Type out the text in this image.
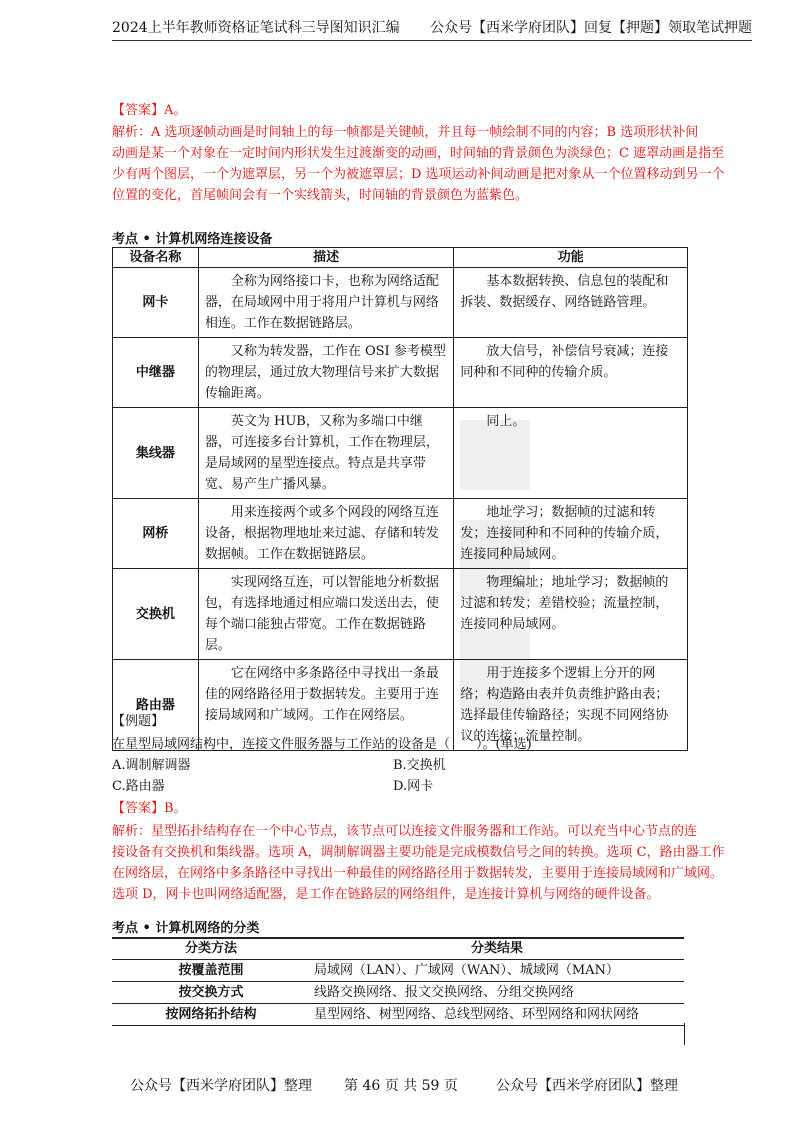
2024上半年教师资格证笔试科三导图知识汇编 公众号【西米学府团队】回复【押题】领取笔试押题
【答案】A。
解析：A 选项逐帧动画是时间轴上的每一帧都是关键帧，并且每一帧绘制不同的内容；B 选项形状补间
动画是某一个对象在一定时间内形状发生过渡渐变的动画，时间轴的背景颜色为淡绿色；C 遮罩动画是指至
少有两个图层，一个为遮罩层，另一个为被遮罩层；D 选项运动补间动画是把对象从一个位置移动到另一个
位置的变化，首尾帧间会有一个实线箭头，时间轴的背景颜色为蓝紫色。
考点 • 计算机网络连接设备
设备名称	描述	功能
网卡	全称为网络接口卡，也称为网络适配器，在局域网中用于将用户计算机与网络相连。工作在数据链路层。	基本数据转换、信息包的装配和拆装、数据缓存、网络链路管理。
中继器	又称为转发器，工作在 OSI 参考模型的物理层，通过放大物理信号来扩大数据传输距离。	放大信号，补偿信号衰减；连接同种和不同种的传输介质。
集线器	英文为 HUB，又称为多端口中继器，可连接多台计算机，工作在物理层，是局域网的星型连接点。特点是共享带宽、易产生广播风暴。	同上。
网桥	用来连接两个或多个网段的网络互连设备，根据物理地址来过滤、存储和转发数据帧。工作在数据链路层。	地址学习；数据帧的过滤和转发；连接同种和不同种的传输介质，连接同种局域网。
交换机	实现网络互连，可以智能地分析数据包，有选择地通过相应端口发送出去，使每个端口能独占带宽。工作在数据链路层。	物理编址；地址学习；数据帧的过滤和转发；差错校验；流量控制，连接同种局域网。
路由器	它在网络中多条路径中寻找出一条最佳的网络路径用于数据转发。主要用于连接局域网和广域网。工作在网络层。	用于连接多个逻辑上分开的网络；构造路由表并负责维护路由表；选择最佳传输路径；实现不同网络协议的连接；流量控制。
【例题】
在星型局域网结构中，连接文件服务器与工作站的设备是（　　）。(单选)
A.调制解调器	B.交换机
C.路由器	D.网卡
【答案】B。
解析：星型拓扑结构存在一个中心节点，该节点可以连接文件服务器和工作站。可以充当中心节点的连
接设备有交换机和集线器。选项 A，调制解调器主要功能是完成模数信号之间的转换。选项 C，路由器工作
在网络层，在网络中多条路径中寻找出一种最佳的网络路径用于数据转发，主要用于连接局域网和广域网。
选项 D，网卡也叫网络适配器，是工作在链路层的网络组件，是连接计算机与网络的硬件设备。
考点 • 计算机网络的分类
分类方法	分类结果
按覆盖范围	局域网（LAN）、广域网（WAN）、城域网（MAN）
按交换方式	线路交换网络、报文交换网络、分组交换网络
按网络拓扑结构	星型网络、树型网络、总线型网络、环型网络和网状网络
公众号【西米学府团队】整理 第 46 页 共 59 页	公众号【西米学府团队】整理
